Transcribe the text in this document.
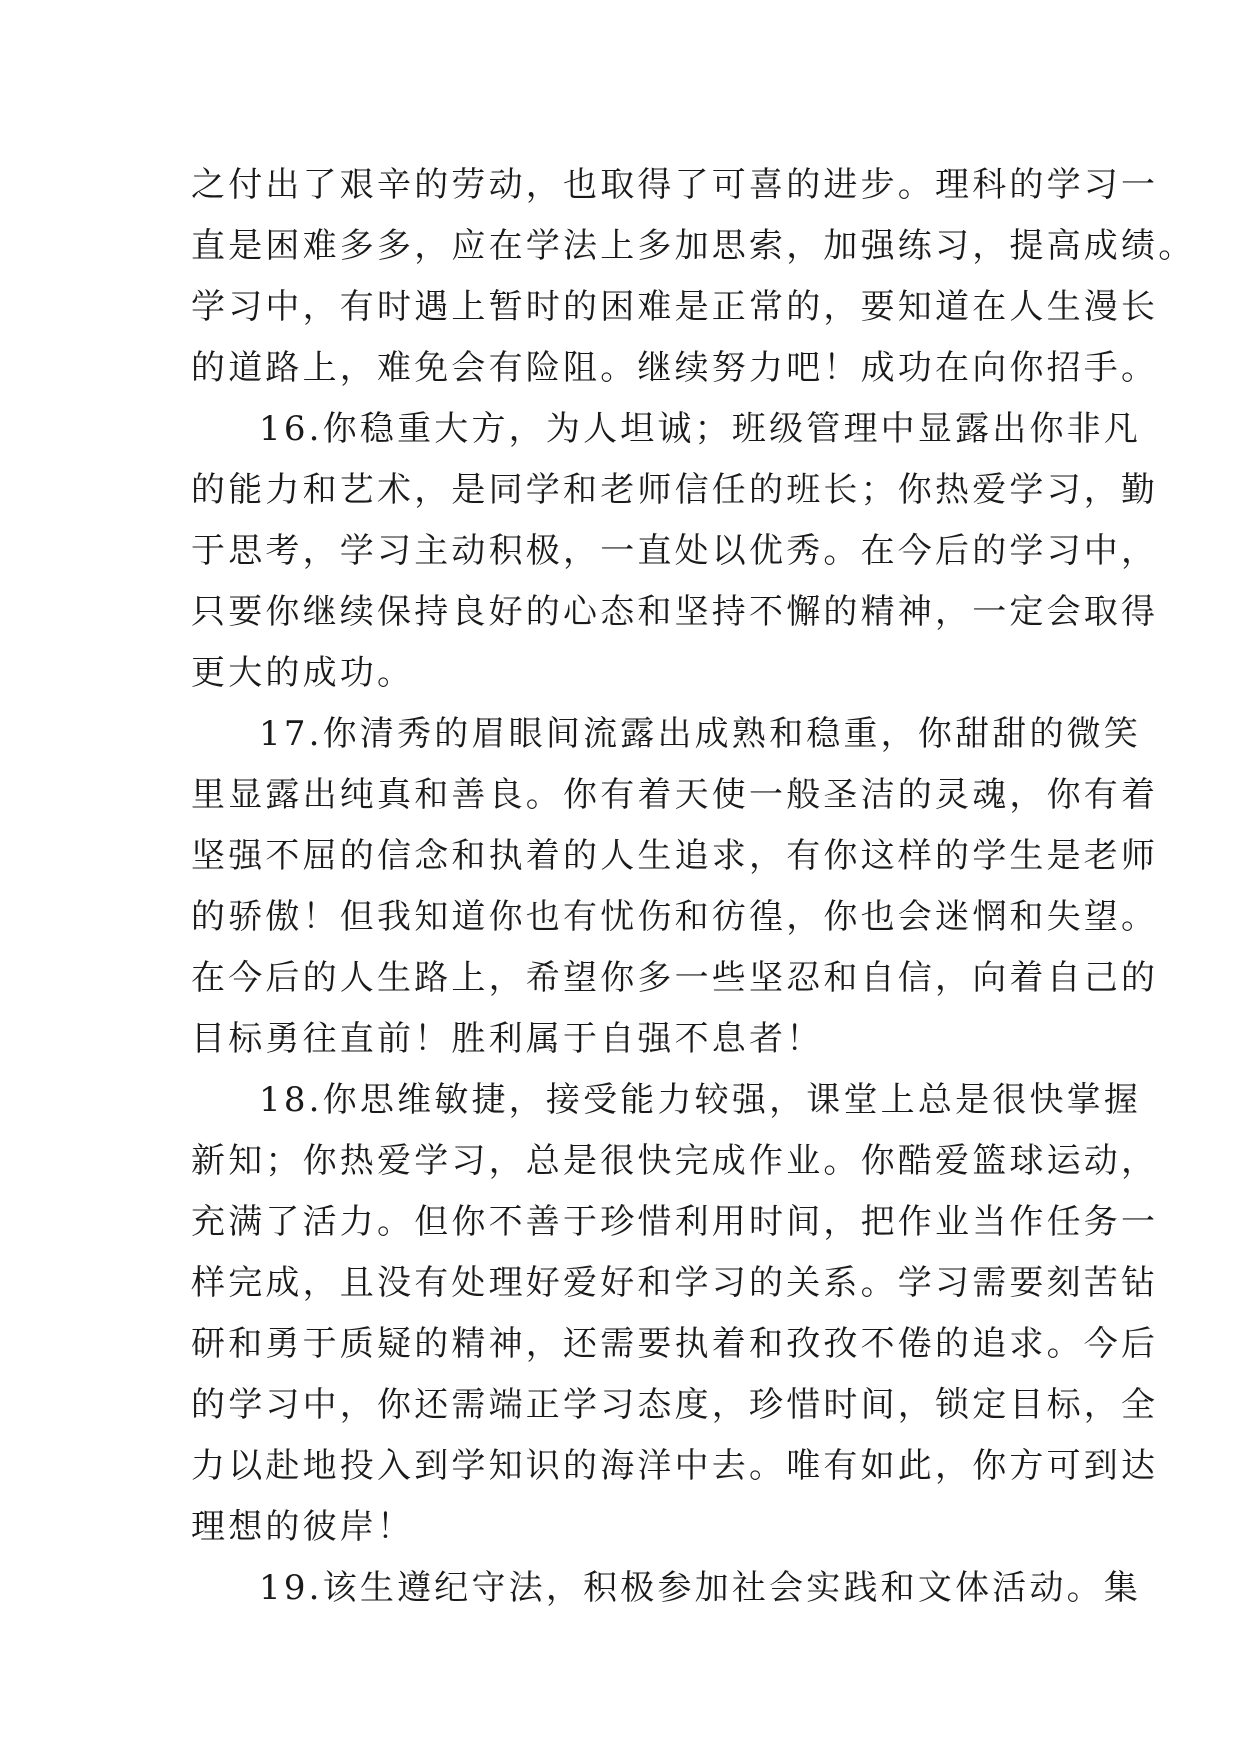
之付出了艰辛的劳动，也取得了可喜的进步。理科的学习一
直是困难多多，应在学法上多加思索，加强练习，提高成绩。
学习中，有时遇上暂时的困难是正常的，要知道在人生漫长
的道路上，难免会有险阻。继续努力吧！成功在向你招手。
16.你稳重大方，为人坦诚；班级管理中显露出你非凡
的能力和艺术，是同学和老师信任的班长；你热爱学习，勤
于思考，学习主动积极，一直处以优秀。在今后的学习中，
只要你继续保持良好的心态和坚持不懈的精神，一定会取得
更大的成功。
17.你清秀的眉眼间流露出成熟和稳重，你甜甜的微笑
里显露出纯真和善良。你有着天使一般圣洁的灵魂，你有着
坚强不屈的信念和执着的人生追求，有你这样的学生是老师
的骄傲！但我知道你也有忧伤和彷徨，你也会迷惘和失望。
在今后的人生路上，希望你多一些坚忍和自信，向着自己的
目标勇往直前！胜利属于自强不息者！
18.你思维敏捷，接受能力较强，课堂上总是很快掌握
新知；你热爱学习，总是很快完成作业。你酷爱篮球运动，
充满了活力。但你不善于珍惜利用时间，把作业当作任务一
样完成，且没有处理好爱好和学习的关系。学习需要刻苦钻
研和勇于质疑的精神，还需要执着和孜孜不倦的追求。今后
的学习中，你还需端正学习态度，珍惜时间，锁定目标，全
力以赴地投入到学知识的海洋中去。唯有如此，你方可到达
理想的彼岸！
19.该生遵纪守法，积极参加社会实践和文体活动。集
